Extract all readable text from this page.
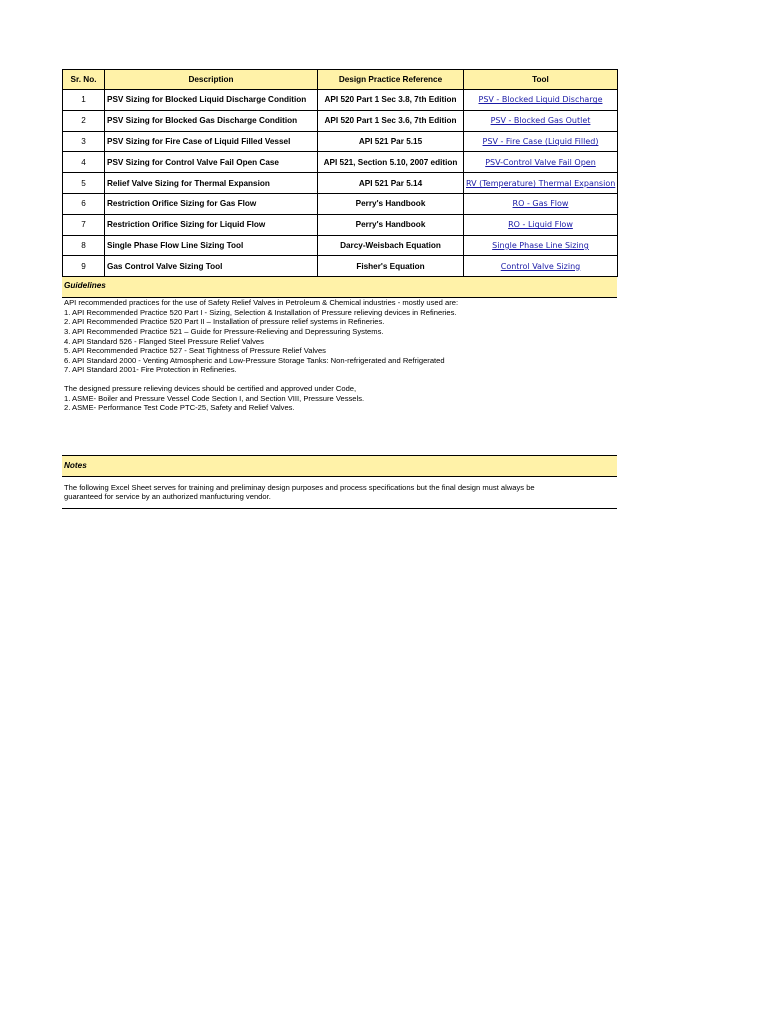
Sr. No.	Description	Design Practice Reference	Tool
1	PSV Sizing for Blocked Liquid Discharge Condition	API 520 Part 1 Sec 3.8, 7th Edition	PSV - Blocked Liquid Discharge
2	PSV Sizing for Blocked Gas Discharge Condition	API 520 Part 1 Sec 3.6, 7th Edition	PSV - Blocked Gas Outlet
3	PSV Sizing for Fire Case of Liquid Filled Vessel	API 521 Par 5.15	PSV - Fire Case (Liquid Filled)
4	PSV Sizing for Control Valve Fail Open Case	API 521, Section 5.10, 2007 edition	PSV-Control Valve Fail Open
5	Relief Valve Sizing for Thermal Expansion	API 521 Par 5.14	RV (Temperature) Thermal Expansion
6	Restriction Orifice Sizing for Gas Flow	Perry's Handbook	RO - Gas Flow
7	Restriction Orifice Sizing for Liquid Flow	Perry's Handbook	RO - Liquid Flow
8	Single Phase Flow Line Sizing Tool	Darcy-Weisbach Equation	Single Phase Line Sizing
9	Gas Control Valve Sizing Tool	Fisher's Equation	Control Valve Sizing
Guidelines
API recommended practices for the use of Safety Relief Valves in Petroleum & Chemical industries - mostly used are:
1. API Recommended Practice 520 Part I - Sizing, Selection & Installation of Pressure relieving devices in Refineries.
2. API Recommended Practice 520 Part II – Installation of pressure relief systems in Refineries.
3. API Recommended Practice 521 – Guide for Pressure-Relieving and Depressuring Systems.
4. API Standard 526 - Flanged Steel Pressure Relief Valves
5. API Recommended Practice 527 - Seat Tightness of Pressure Relief Valves
6. API Standard 2000 - Venting Atmospheric and Low-Pressure Storage Tanks: Non-refrigerated and Refrigerated
7. API Standard 2001- Fire Protection in Refineries.
The designed pressure relieving devices should be certified and approved under Code,
1. ASME- Boiler and Pressure Vessel Code Section I, and Section VIII, Pressure Vessels.
2. ASME- Performance Test Code PTC-25, Safety and Relief Valves.
Notes
The following Excel Sheet serves for training and preliminay design purposes and process specifications but the final design must always be
guaranteed for service by an authorized manfucturing vendor.
